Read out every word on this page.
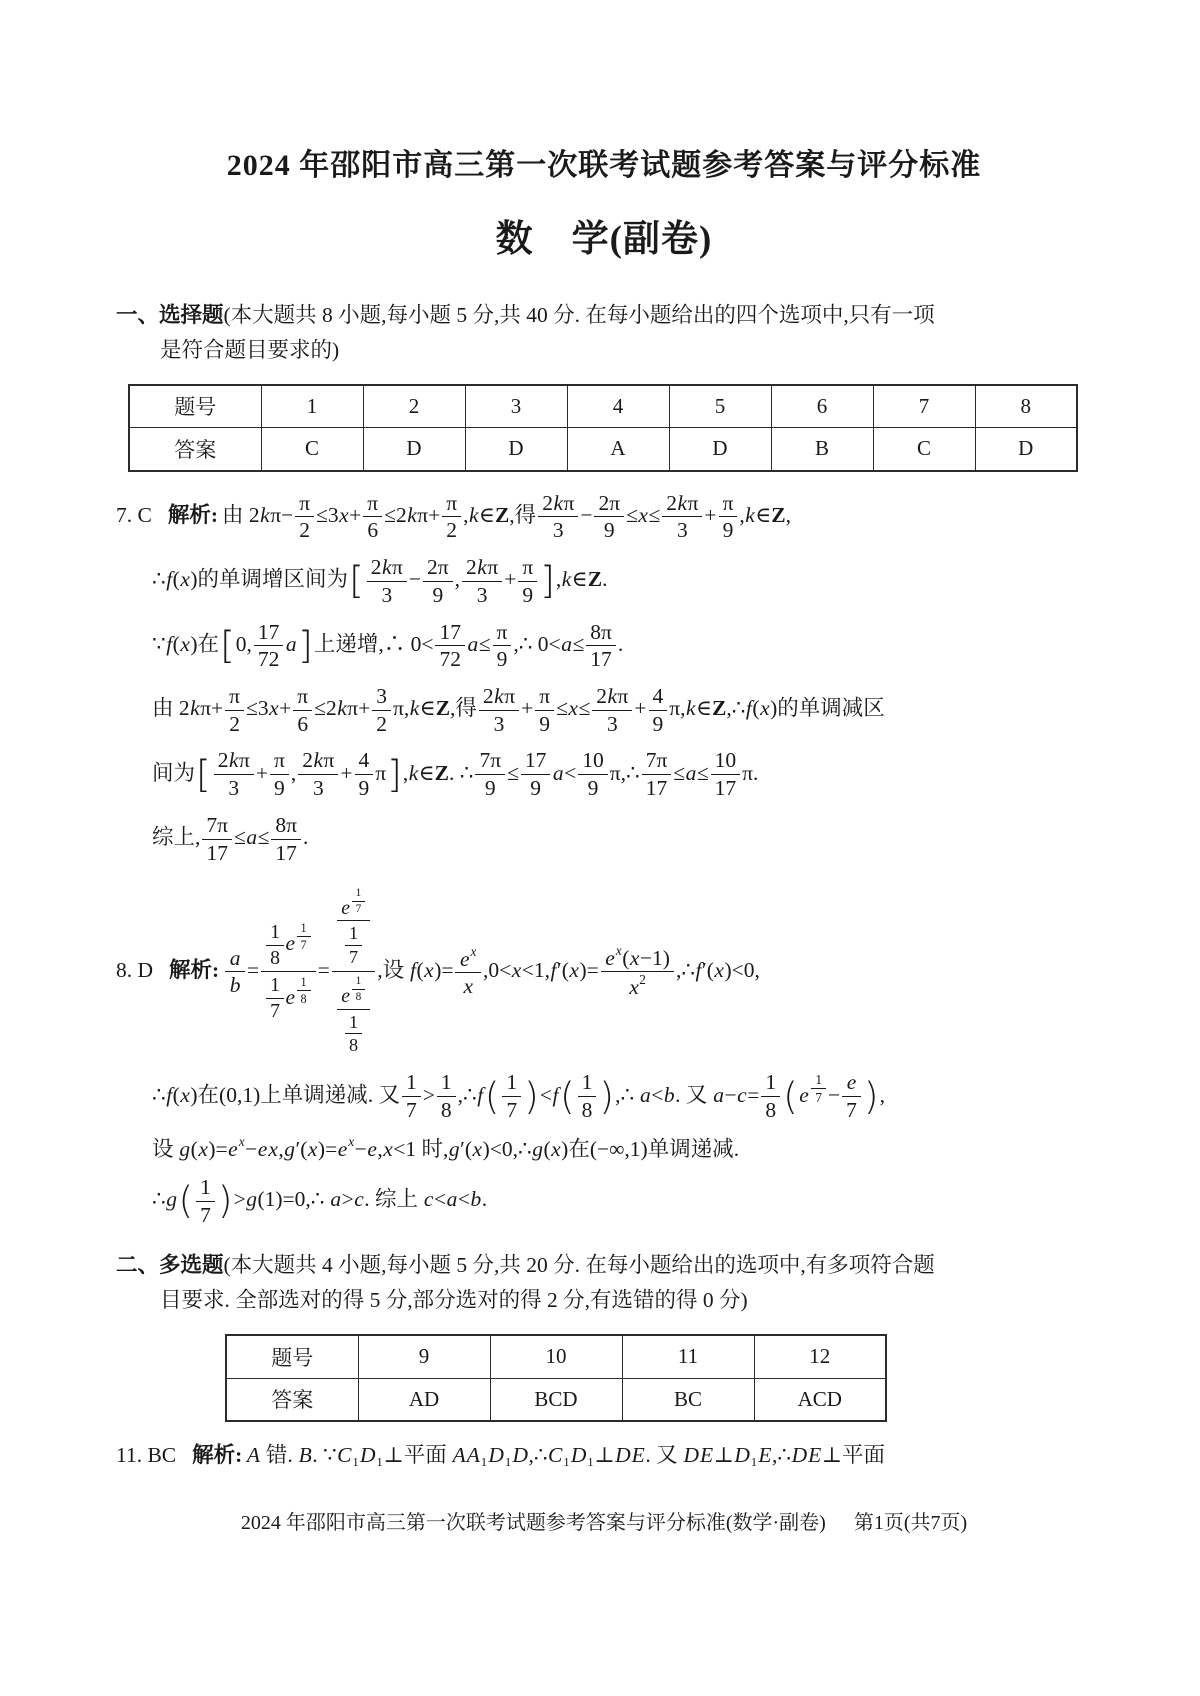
2024 年邵阳市高三第一次联考试题参考答案与评分标准
数　学(副卷)
一、选择题(本大题共 8 小题,每小题 5 分,共 40 分. 在每小题给出的四个选项中,只有一项
是符合题目要求的)
题号	1	2	3	4	5	6	7	8
答案	C	D	D	A	D	B	C	D
7. C 解析: 由 $2k\pi- \frac{\pi}{2} \le 3x+ \frac{\pi}{6} \le 2k\pi+ \frac{\pi}{2}$ ,k∈Z,得 $\frac{2k\pi}{3} - \frac{2\pi}{9} \le x\le \frac{2k\pi}{3} + \frac{\pi}{9}$ ,k∈Z,
∴f(x)的单调增区间为[ $\frac{2k\pi}{3} - \frac{2\pi}{9}$ , $\frac{2k\pi}{3} + \frac{\pi}{9}$ ],k∈Z.
∵f(x)在[0, $\frac{17}{72} a$]上递增,∴ $0< \frac{17}{72} a\le \frac{\pi}{9}$ ,∴ $0<a\le \frac{8\pi}{17}$ .
由 $2k\pi+ \frac{\pi}{2} \le 3x+ \frac{\pi}{6} \le 2k\pi+ \frac{3}{2}$ π,k∈Z,得 $\frac{2k\pi}{3} + \frac{\pi}{9} \le x\le \frac{2k\pi}{3} + \frac{4}{9}$ π,k∈Z,∴f(x)的单调减区
间为[ $\frac{2k\pi}{3} + \frac{\pi}{9}$ , $\frac{2k\pi}{3} + \frac{4}{9}$ π],k∈Z. ∴ $\frac{7\pi}{9} \le \frac{17}{9} a< \frac{10}{9}$ π,∴ $\frac{7\pi}{17} \le a\le \frac{10}{17} \pi$.
综上, $\frac{7\pi}{17} \le a\le \frac{8\pi}{17}$ .
8. D 解析: $\frac{a}{b} = \frac{1}{8}$ e $^{\frac{1}{7}}$
$\frac{1}{7}$ e $^{\frac{1}{8}}$ = e $^{\frac{1}{7}}$
$\frac{1}{7}$
e $^{\frac{1}{8}}$
$\frac{1}{8}$ ,设 $f(x)= \frac{e^x}{x} ,0<x<1,f'(x)= \frac{e^x(x-1)}{x^2}$ ,∴f′(x)<0,
∴f(x)在(0,1)上单调递减. 又 $\frac{1}{7} > \frac{1}{8}$ ,∴f( $\frac{1}{7} )<f( \frac{1}{8}$ ),∴ a<b. 又 $a-c= \frac{1}{8} (e$ $^{\frac{1}{7}} - \frac{e}{7}$ ),
设 $g(x)=e^x-ex,g'(x)=e^x-e,x<1$ 时,g′(x)<0,∴g(x)在(−∞,1)单调递减.
∴g( $\frac{1}{7}$ )>g(1)=0,∴ a>c. 综上 c<a<b.
二、多选题(本大题共 4 小题,每小题 5 分,共 20 分. 在每小题给出的选项中,有多项符合题
目要求. 全部选对的得 5 分,部分选对的得 2 分,有选错的得 0 分)
题号	9	10	11	12
答案	AD	BCD	BC	ACD
11. BC 解析: A 错. B. ∵C₁D₁⊥平面 AA₁D₁D,∴C₁D₁⊥DE. 又 DE⊥D₁E,∴DE⊥平面
2024 年邵阳市高三第一次联考试题参考答案与评分标准(数学·副卷) 第1页(共7页)
